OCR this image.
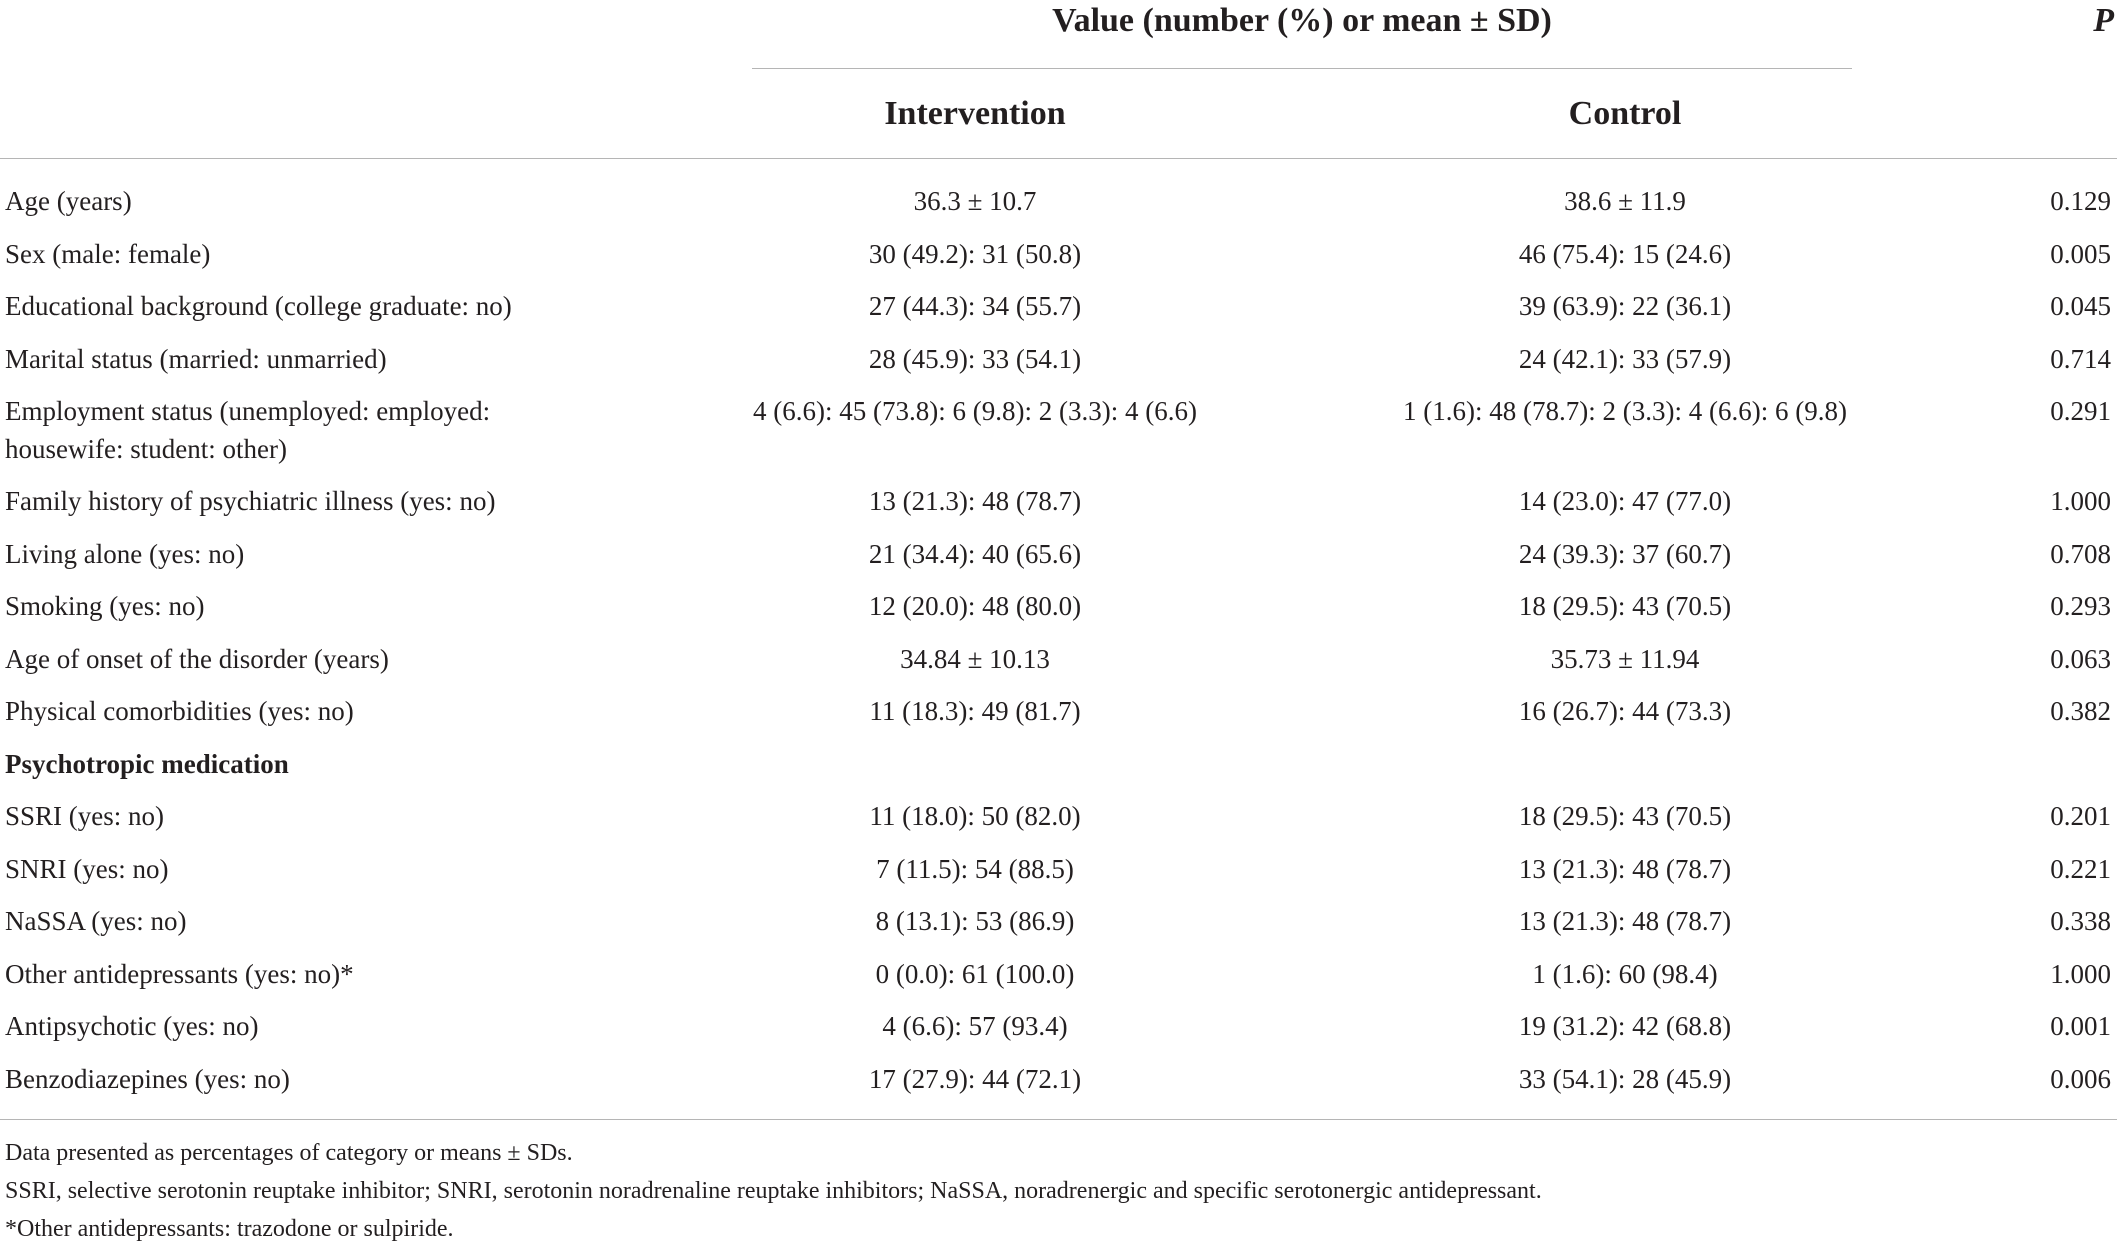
Value (number (%) or mean ± SD)	P
Intervention	Control
Age (years)	36.3 ± 10.7	38.6 ± 11.9	0.129
Sex (male: female)	30 (49.2): 31 (50.8)	46 (75.4): 15 (24.6)	0.005
Educational background (college graduate: no)	27 (44.3): 34 (55.7)	39 (63.9): 22 (36.1)	0.045
Marital status (married: unmarried)	28 (45.9): 33 (54.1)	24 (42.1): 33 (57.9)	0.714
Employment status (unemployed: employed:
housewife: student: other)
4 (6.6): 45 (73.8): 6 (9.8): 2 (3.3): 4 (6.6)	1 (1.6): 48 (78.7): 2 (3.3): 4 (6.6): 6 (9.8)	0.291
Family history of psychiatric illness (yes: no)	13 (21.3): 48 (78.7)	14 (23.0): 47 (77.0)	1.000
Living alone (yes: no)	21 (34.4): 40 (65.6)	24 (39.3): 37 (60.7)	0.708
Smoking (yes: no)	12 (20.0): 48 (80.0)	18 (29.5): 43 (70.5)	0.293
Age of onset of the disorder (years)	34.84 ± 10.13	35.73 ± 11.94	0.063
Physical comorbidities (yes: no)	11 (18.3): 49 (81.7)	16 (26.7): 44 (73.3)	0.382
Psychotropic medication
SSRI (yes: no)	11 (18.0): 50 (82.0)	18 (29.5): 43 (70.5)	0.201
SNRI (yes: no)	7 (11.5): 54 (88.5)	13 (21.3): 48 (78.7)	0.221
NaSSA (yes: no)	8 (13.1): 53 (86.9)	13 (21.3): 48 (78.7)	0.338
Other antidepressants (yes: no)*	0 (0.0): 61 (100.0)	1 (1.6): 60 (98.4)	1.000
Antipsychotic (yes: no)	4 (6.6): 57 (93.4)	19 (31.2): 42 (68.8)	0.001
Benzodiazepines (yes: no)	17 (27.9): 44 (72.1)	33 (54.1): 28 (45.9)	0.006
Data presented as percentages of category or means ± SDs.
SSRI, selective serotonin reuptake inhibitor; SNRI, serotonin noradrenaline reuptake inhibitors; NaSSA, noradrenergic and specific serotonergic antidepressant.
*Other antidepressants: trazodone or sulpiride.
